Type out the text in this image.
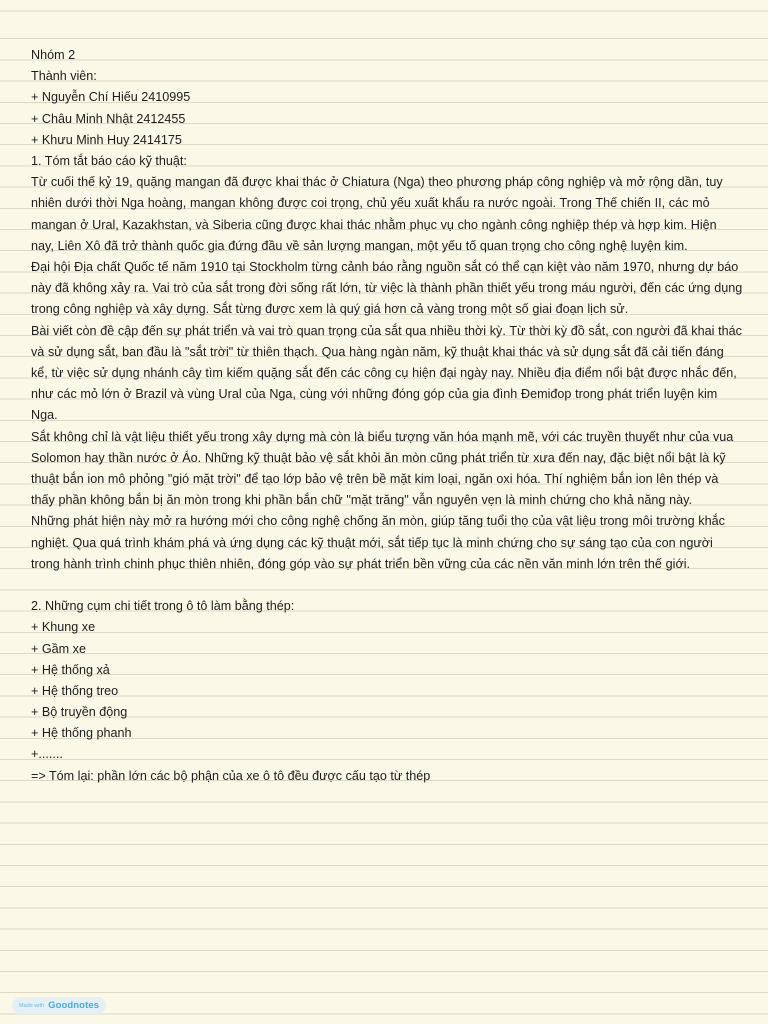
Nhóm 2
Thành viên:
+ Nguyễn Chí Hiếu 2410995
+ Châu Minh Nhật 2412455
+ Khưu Minh Huy 2414175
1. Tóm tắt báo cáo kỹ thuật:

Từ cuối thế kỷ 19, quặng mangan đã được khai thác ở Chiatura (Nga) theo phương pháp công nghiệp và mở rộng dần, tuy nhiên dưới thời Nga hoàng, mangan không được coi trọng, chủ yếu xuất khẩu ra nước ngoài. Trong Thế chiến II, các mỏ mangan ở Ural, Kazakhstan, và Siberia cũng được khai thác nhằm phục vụ cho ngành công nghiệp thép và hợp kim. Hiện nay, Liên Xô đã trở thành quốc gia đứng đầu về sản lượng mangan, một yếu tố quan trọng cho công nghệ luyện kim.

Đại hội Địa chất Quốc tế năm 1910 tại Stockholm từng cảnh báo rằng nguồn sắt có thể cạn kiệt vào năm 1970, nhưng dự báo này đã không xảy ra. Vai trò của sắt trong đời sống rất lớn, từ việc là thành phần thiết yếu trong máu người, đến các ứng dụng trong công nghiệp và xây dựng. Sắt từng được xem là quý giá hơn cả vàng trong một số giai đoạn lịch sử.

Bài viết còn đề cập đến sự phát triển và vai trò quan trọng của sắt qua nhiều thời kỳ. Từ thời kỳ đồ sắt, con người đã khai thác và sử dụng sắt, ban đầu là "sắt trời" từ thiên thạch. Qua hàng ngàn năm, kỹ thuật khai thác và sử dụng sắt đã cải tiến đáng kể, từ việc sử dụng nhánh cây tìm kiếm quặng sắt đến các công cụ hiện đại ngày nay. Nhiều địa điểm nổi bật được nhắc đến, như các mỏ lớn ở Brazil và vùng Ural của Nga, cùng với những đóng góp của gia đình Đemiđop trong phát triển luyện kim Nga.

Sắt không chỉ là vật liệu thiết yếu trong xây dựng mà còn là biểu tượng văn hóa mạnh mẽ, với các truyền thuyết như của vua Solomon hay thần nước ở Áo. Những kỹ thuật bảo vệ sắt khỏi ăn mòn cũng phát triển từ xưa đến nay, đặc biệt nổi bật là kỹ thuật bắn ion mô phỏng "gió mặt trời" để tạo lớp bảo vệ trên bề mặt kim loại, ngăn oxi hóa. Thí nghiệm bắn ion lên thép và thấy phần không bắn bị ăn mòn trong khi phần bắn chữ "mặt trăng" vẫn nguyên vẹn là minh chứng cho khả năng này.

Những phát hiện này mở ra hướng mới cho công nghệ chống ăn mòn, giúp tăng tuổi thọ của vật liệu trong môi trường khắc nghiệt. Qua quá trình khám phá và ứng dụng các kỹ thuật mới, sắt tiếp tục là minh chứng cho sự sáng tạo của con người trong hành trình chinh phục thiên nhiên, đóng góp vào sự phát triển bền vững của các nền văn minh lớn trên thế giới.

2. Những cụm chi tiết trong ô tô làm bằng thép:
+ Khung xe
+ Gầm xe
+ Hệ thống xả
+ Hệ thống treo
+ Bộ truyền động
+ Hệ thống phanh
+.......
=> Tóm lại: phần lớn các bộ phận của xe ô tô đều được cấu tạo từ thép
Made with Goodnotes
